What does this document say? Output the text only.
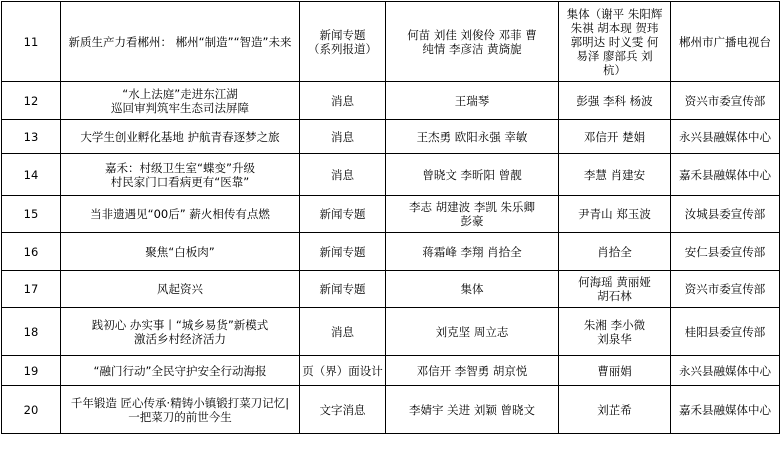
11	新质生产力看郴州： 郴州“制造”“智造”未来	新闻专题
（系列报道）	何苗 刘佳 刘俊伶 邓菲 曹
纯情 李彦洁 黄旖旎	集体（谢平 朱阳辉
朱祺 胡本现 贺玮
郭明达 时义雯 何
易泽 廖部兵 刘
杭）	郴州市广播电视台
12	“水上法庭”走进东江湖
巡回审判筑牢生态司法屏障	消息	王瑞琴	彭强 李科 杨波	资兴市委宣传部
13	大学生创业孵化基地 护航青春逐梦之旅	消息	王杰勇 欧阳永强 幸敏	邓信开 楚娟	永兴县融媒体中心
14	嘉禾：村级卫生室“蝶变”升级
村民家门口看病更有“医靠”	消息	曾晓文 李昕阳 曾靓	李慧 肖建安	嘉禾县融媒体中心
15	当非遗遇见“00后” 薪火相传有点燃	新闻专题	李志 胡建波 李凯 朱乐卿
彭豪	尹青山 郑玉波	汝城县委宣传部
16	聚焦“白板肉”	新闻专题	蒋霜峰 李翔 肖拾全	肖拾全	安仁县委宣传部
17	风起资兴	新闻专题	集体	何海瑶 黄丽娅
胡石林	资兴市委宣传部
18	践初心 办实事丨“城乡易货”新模式
激活乡村经济活力	消息	刘克坚 周立志	朱湘 李小微
刘泉华	桂阳县委宣传部
19	“融门行动”全民守护安全行动海报	页（界）面设计	邓信开 李智勇 胡京悦	曹丽娟	永兴县融媒体中心
20	千年锻造 匠心传承·精铸小镇锻打菜刀记忆|
一把菜刀的前世今生	文字消息	李婧宇 关进 刘颖 曾晓文	刘芷希	嘉禾县融媒体中心
